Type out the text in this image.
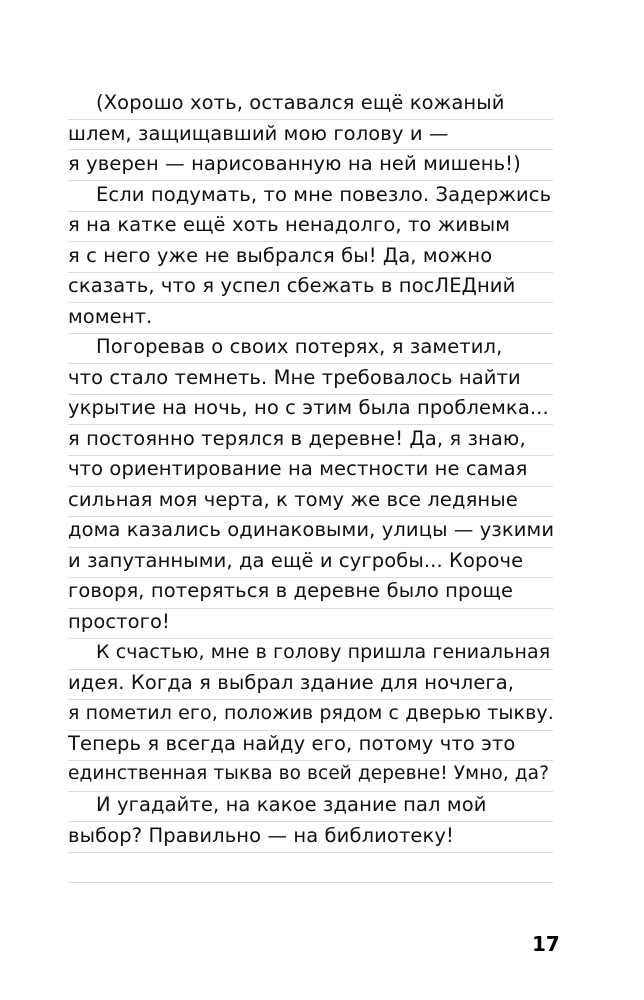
(Хорошо хоть, оставался ещё кожаный
шлем, защищавший мою голову и —
я уверен — нарисованную на ней мишень!)
Если подумать, то мне повезло. Задержись
я на катке ещё хоть ненадолго, то живым
я с него уже не выбрался бы! Да, можно
сказать, что я успел сбежать в посЛЕДний
момент.
Погоревав о своих потерях, я заметил,
что стало темнеть. Мне требовалось найти
укрытие на ночь, но с этим была проблемка...
я постоянно терялся в деревне! Да, я знаю,
что ориентирование на местности не самая
сильная моя черта, к тому же все ледяные
дома казались одинаковыми, улицы — узкими
и запутанными, да ещё и сугробы... Короче
говоря, потеряться в деревне было проще
простого!
К счастью, мне в голову пришла гениальная
идея. Когда я выбрал здание для ночлега,
я пометил его, положив рядом с дверью тыкву.
Теперь я всегда найду его, потому что это
единственная тыква во всей деревне! Умно, да?
И угадайте, на какое здание пал мой
выбор? Правильно — на библиотеку!
17
